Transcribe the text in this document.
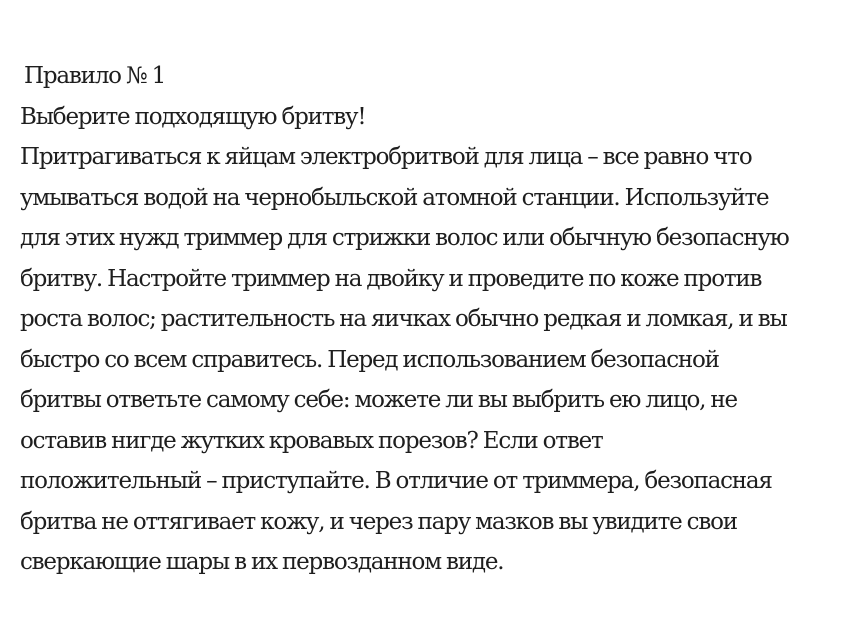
Правило № 1
Выберите подходящую бритву!
Притрагиваться к яйцам электробритвой для лица – все равно что
умываться водой на чернобыльской атомной станции. Используйте
для этих нужд триммер для стрижки волос или обычную безопасную
бритву. Настройте триммер на двойку и проведите по коже против
роста волос; растительность на яичках обычно редкая и ломкая, и вы
быстро со всем справитесь. Перед использованием безопасной
бритвы ответьте самому себе: можете ли вы выбрить ею лицо, не
оставив нигде жутких кровавых порезов? Если ответ
положительный – приступайте. В отличие от триммера, безопасная
бритва не оттягивает кожу, и через пару мазков вы увидите свои
сверкающие шары в их первозданном виде.
